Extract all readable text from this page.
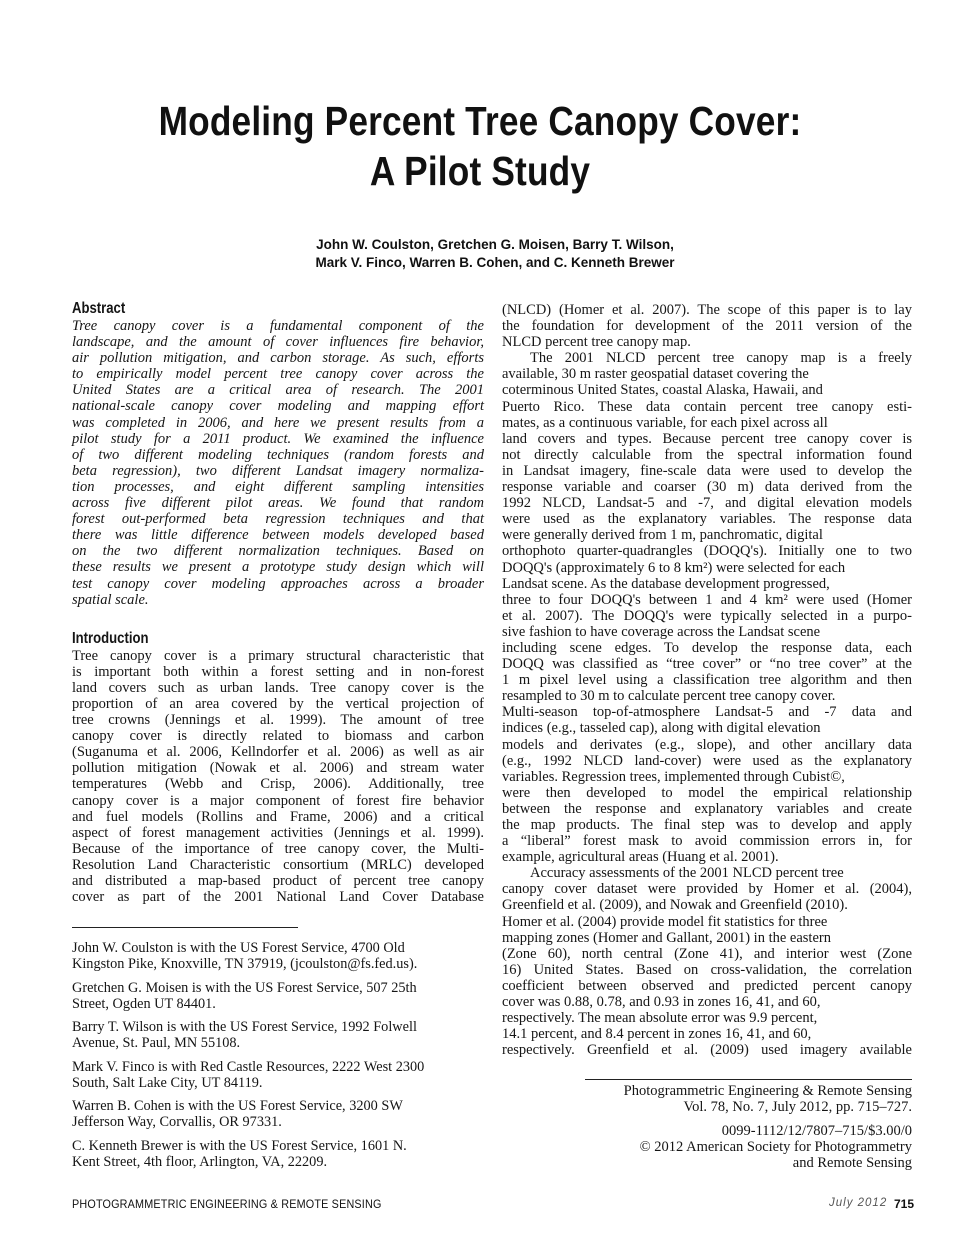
Modeling Percent Tree Canopy Cover:
A Pilot Study
John W. Coulston, Gretchen G. Moisen, Barry T. Wilson,
Mark V. Finco, Warren B. Cohen, and C. Kenneth Brewer
Abstract
Tree canopy cover is a fundamental component of the
landscape, and the amount of cover influences fire behavior,
air pollution mitigation, and carbon storage. As such, efforts
to empirically model percent tree canopy cover across the
United States are a critical area of research. The 2001
national-scale canopy cover modeling and mapping effort
was completed in 2006, and here we present results from a
pilot study for a 2011 product. We examined the influence
of two different modeling techniques (random forests and
beta regression), two different Landsat imagery normaliza-
tion processes, and eight different sampling intensities
across five different pilot areas. We found that random
forest out-performed beta regression techniques and that
there was little difference between models developed based
on the two different normalization techniques. Based on
these results we present a prototype study design which will
test canopy cover modeling approaches across a broader
spatial scale.
Introduction
Tree canopy cover is a primary structural characteristic that
is important both within a forest setting and in non-forest
land covers such as urban lands. Tree canopy cover is the
proportion of an area covered by the vertical projection of
tree crowns (Jennings et al. 1999). The amount of tree
canopy cover is directly related to biomass and carbon
(Suganuma et al. 2006, Kellndorfer et al. 2006) as well as air
pollution mitigation (Nowak et al. 2006) and stream water
temperatures (Webb and Crisp, 2006). Additionally, tree
canopy cover is a major component of forest fire behavior
and fuel models (Rollins and Frame, 2006) and a critical
aspect of forest management activities (Jennings et al. 1999).
Because of the importance of tree canopy cover, the Multi-
Resolution Land Characteristic consortium (MRLC) developed
and distributed a map-based product of percent tree canopy
cover as part of the 2001 National Land Cover Database
John W. Coulston is with the US Forest Service, 4700 Old
Kingston Pike, Knoxville, TN 37919, (jcoulston@fs.fed.us).
Gretchen G. Moisen is with the US Forest Service, 507 25th
Street, Ogden UT 84401.
Barry T. Wilson is with the US Forest Service, 1992 Folwell
Avenue, St. Paul, MN 55108.
Mark V. Finco is with Red Castle Resources, 2222 West 2300
South, Salt Lake City, UT 84119.
Warren B. Cohen is with the US Forest Service, 3200 SW
Jefferson Way, Corvallis, OR 97331.
C. Kenneth Brewer is with the US Forest Service, 1601 N.
Kent Street, 4th floor, Arlington, VA, 22209.
(NLCD) (Homer et al. 2007). The scope of this paper is to lay
the foundation for development of the 2011 version of the
NLCD percent tree canopy map.
The 2001 NLCD percent tree canopy map is a freely
available, 30 m raster geospatial dataset covering the
coterminous United States, coastal Alaska, Hawaii, and
Puerto Rico. These data contain percent tree canopy esti-
mates, as a continuous variable, for each pixel across all
land covers and types. Because percent tree canopy cover is
not directly calculable from the spectral information found
in Landsat imagery, fine-scale data were used to develop the
response variable and coarser (30 m) data derived from the
1992 NLCD, Landsat-5 and -7, and digital elevation models
were used as the explanatory variables. The response data
were generally derived from 1 m, panchromatic, digital
orthophoto quarter-quadrangles (DOQQ's). Initially one to two
DOQQ's (approximately 6 to 8 km²) were selected for each
Landsat scene. As the database development progressed,
three to four DOQQ's between 1 and 4 km² were used (Homer
et al. 2007). The DOQQ's were typically selected in a purpo-
sive fashion to have coverage across the Landsat scene
including scene edges. To develop the response data, each
DOQQ was classified as “tree cover” or “no tree cover” at the
1 m pixel level using a classification tree algorithm and then
resampled to 30 m to calculate percent tree canopy cover.
Multi-season top-of-atmosphere Landsat-5 and -7 data and
indices (e.g., tasseled cap), along with digital elevation
models and derivates (e.g., slope), and other ancillary data
(e.g., 1992 NLCD land-cover) were used as the explanatory
variables. Regression trees, implemented through Cubist©,
were then developed to model the empirical relationship
between the response and explanatory variables and create
the map products. The final step was to develop and apply
a “liberal” forest mask to avoid commission errors in, for
example, agricultural areas (Huang et al. 2001).
Accuracy assessments of the 2001 NLCD percent tree
canopy cover dataset were provided by Homer et al. (2004),
Greenfield et al. (2009), and Nowak and Greenfield (2010).
Homer et al. (2004) provide model fit statistics for three
mapping zones (Homer and Gallant, 2001) in the eastern
(Zone 60), north central (Zone 41), and interior west (Zone
16) United States. Based on cross-validation, the correlation
coefficient between observed and predicted percent canopy
cover was 0.88, 0.78, and 0.93 in zones 16, 41, and 60,
respectively. The mean absolute error was 9.9 percent,
14.1 percent, and 8.4 percent in zones 16, 41, and 60,
respectively. Greenfield et al. (2009) used imagery available
Photogrammetric Engineering & Remote Sensing
Vol. 78, No. 7, July 2012, pp. 715–727.
0099-1112/12/7807–715/$3.00/0
© 2012 American Society for Photogrammetry
and Remote Sensing
PHOTOGRAMMETRIC ENGINEERING & REMOTE SENSING	July 2012 715
